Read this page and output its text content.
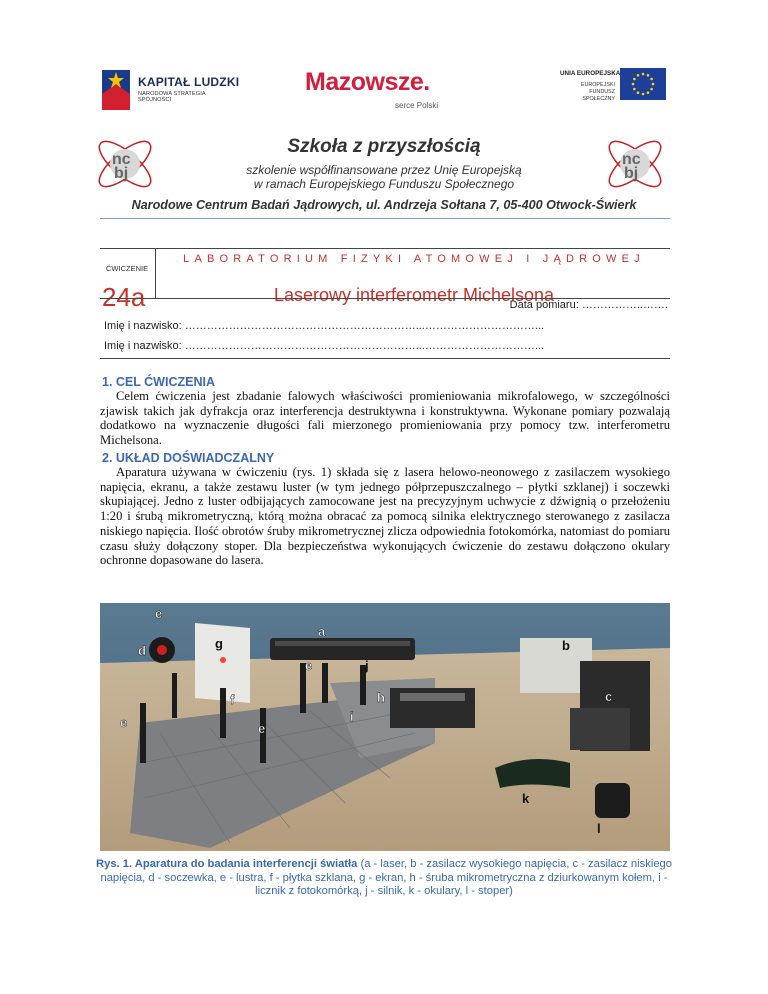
KAPITAŁ LUDZKI
NARODOWA STRATEGIA SPÓJNOŚCI
Mazowsze.
serce Polski
UNIA EUROPEJSKA
EUROPEJSKI
FUNDUSZ SPOŁECZNY
nc
bj
nc
bj
Szkoła z przyszłością
szkolenie współfinansowane przez Unię Europejską
w ramach Europejskiego Funduszu Społecznego
Narodowe Centrum Badań Jądrowych, ul. Andrzeja Sołtana 7, 05-400 Otwock-Świerk
ĆWICZENIE
24a
LABORATORIUM FIZYKI ATOMOWEJ I JĄDROWEJ
Laserowy interferometr Michelsona
Data pomiaru: ……………..…….
Imię i nazwisko: ………………………………………………………...…………………………...
Imię i nazwisko: ………………………………………………………...…………………………...
1. CEL ĆWICZENIA

Celem ćwiczenia jest zbadanie falowych właściwości promieniowania mikrofalowego, w szczególności zjawisk takich jak dyfrakcja oraz interferencja destruktywna i konstruktywna. Wykonane pomiary pozwalają dodatkowo na wyznaczenie długości fali mierzonego promieniowania przy pomocy tzw. interferometru Michelsona.

2. UKŁAD DOŚWIADCZALNY

Aparatura używana w ćwiczeniu (rys. 1) składa się z lasera helowo-neonowego z zasilaczem wysokiego napięcia, ekranu, a także zestawu luster (w tym jednego półprzepuszczalnego – płytki szklanej) i soczewki skupiającej. Jedno z luster odbijających zamocowane jest na precyzyjnym uchwycie z dźwignią o przełożeniu 1:20 i śrubą mikrometryczną, którą można obracać za pomocą silnika elektrycznego sterowanego z zasilacza niskiego napięcia. Ilość obrotów śruby mikrometrycznej zlicza odpowiednia fotokomórka, natomiast do pomiaru czasu służy dołączony stoper. Dla bezpieczeństwa wykonujących ćwiczenie do zestawu dołączono okulary ochronne dopasowane do lasera.

e
a
d	g	b
e	j
f	h	c
e	e
i
k
l
Rys. 1. Aparatura do badania interferencji światła (a - laser, b - zasilacz wysokiego napięcia, c - zasilacz niskiego napięcia, d - soczewka, e - lustra, f - płytka szklana, g - ekran, h - śruba mikrometryczna z dziurkowanym kołem, i - licznik z fotokomórką, j - silnik, k - okulary, l - stoper)
